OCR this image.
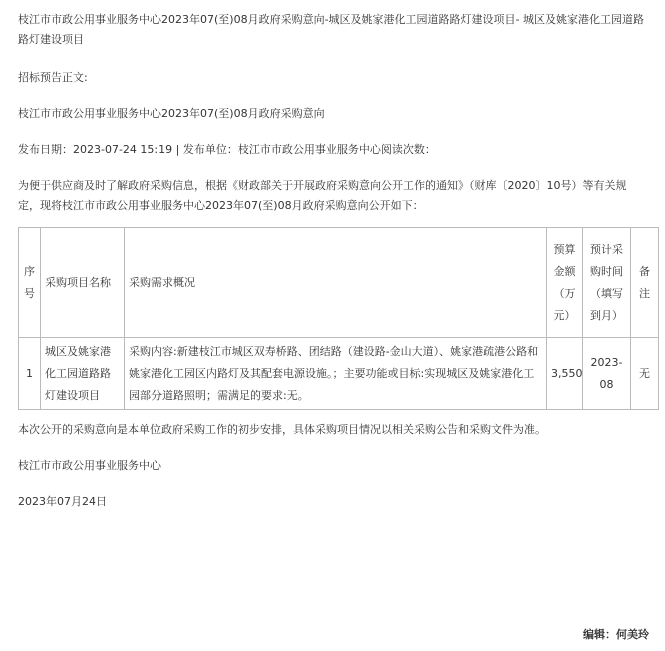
枝江市市政公用事业服务中心2023年07(至)08月政府采购意向-城区及姚家港化工园道路路灯建设项目- 城区及姚家港化工园道路路灯建设项目

招标预告正文:

枝江市市政公用事业服务中心2023年07(至)08月政府采购意向

发布日期：2023-07-24 15:19 | 发布单位：枝江市市政公用事业服务中心阅读次数：

为便于供应商及时了解政府采购信息，根据《财政部关于开展政府采购意向公开工作的通知》（财库〔2020〕10号）等有关规定，现将枝江市市政公用事业服务中心2023年07(至)08月政府采购意向公开如下：

序号	采购项目名称	采购需求概况	预算金额（万元）	预计采购时间（填写到月）	备注
1	城区及姚家港化工园道路路灯建设项目	采购内容:新建枝江市城区双寿桥路、团结路（建设路-金山大道）、姚家港疏港公路和姚家港化工园区内路灯及其配套电源设施。；主要功能或目标:实现城区及姚家港化工园部分道路照明；需满足的要求:无。	3,550	2023-08	无

本次公开的采购意向是本单位政府采购工作的初步安排，具体采购项目情况以相关采购公告和采购文件为准。

枝江市市政公用事业服务中心

2023年07月24日

编辑：何美玲
